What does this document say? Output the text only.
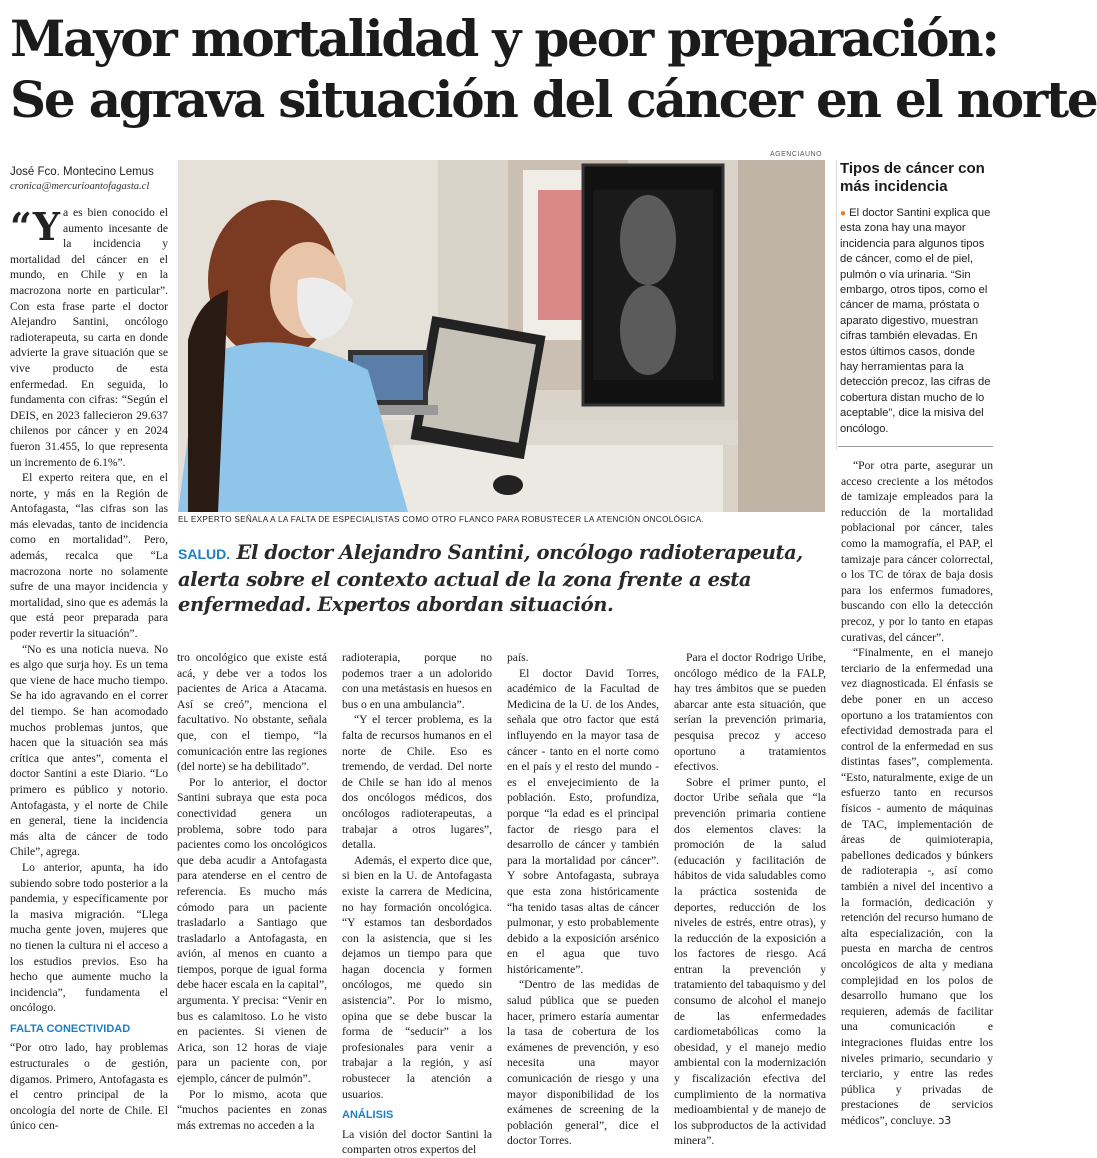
Mayor mortalidad y peor preparación:
Se agrava situación del cáncer en el norte
José Fco. Montecino Lemus
cronica@mercurioantofagasta.cl

“Ya es bien conocido el aumento incesante de la incidencia y mortalidad del cáncer en el mundo, en Chile y en la macrozona norte en particular”. Con esta frase parte el doctor Alejandro Santini, oncólogo radioterapeuta, su carta en donde advierte la grave situación que se vive producto de esta enfermedad. En seguida, lo fundamenta con cifras: “Según el DEIS, en 2023 fallecieron 29.637 chilenos por cáncer y en 2024 fueron 31.455, lo que representa un incremento de 6.1%”.

El experto reitera que, en el norte, y más en la Región de Antofagasta, “las cifras son las más elevadas, tanto de incidencia como en mortalidad”. Pero, además, recalca que “La macrozona norte no solamente sufre de una mayor incidencia y mortalidad, sino que es además la que está peor preparada para poder revertir la situación”.

“No es una noticia nueva. No es algo que surja hoy. Es un tema que viene de hace mucho tiempo. Se ha ido agravando en el correr del tiempo. Se han acomodado muchos problemas juntos, que hacen que la situación sea más crítica que antes”, comenta el doctor Santini a este Diario. “Lo primero es público y notorio. Antofagasta, y el norte de Chile en general, tiene la incidencia más alta de cáncer de todo Chile”, agrega.

Lo anterior, apunta, ha ido subiendo sobre todo posterior a la pandemia, y específicamente por la masiva migración. “Llega mucha gente joven, mujeres que no tienen la cultura ni el acceso a los estudios previos. Eso ha hecho que aumente mucho la incidencia”, fundamenta el oncólogo.

FALTA CONECTIVIDAD

“Por otro lado, hay problemas estructurales o de gestión, digamos. Primero, Antofagasta es el centro principal de la oncología del norte de Chile. El único cen-

AGENCIAUNO
EL EXPERTO SEÑALA A LA FALTA DE ESPECIALISTAS COMO OTRO FLANCO PARA ROBUSTECER LA ATENCIÓN ONCOLÓGICA.
SALUD. El doctor Alejandro Santini, oncólogo radioterapeuta, alerta sobre el contexto actual de la zona frente a esta enfermedad. Expertos abordan situación.

tro oncológico que existe está acá, y debe ver a todos los pacientes de Arica a Atacama. Así se creó”, menciona el facultativo. No obstante, señala que, con el tiempo, “la comunicación entre las regiones (del norte) se ha debilitado”.

Por lo anterior, el doctor Santini subraya que esta poca conectividad genera un problema, sobre todo para pacientes como los oncológicos que deba acudir a Antofagasta para atenderse en el centro de referencia. Es mucho más cómodo para un paciente trasladarlo a Santiago que trasladarlo a Antofagasta, en avión, al menos en cuanto a tiempos, porque de igual forma debe hacer escala en la capital”, argumenta. Y precisa: “Venir en bus es calamitoso. Lo he visto en pacientes. Si vienen de Arica, son 12 horas de viaje para un paciente con, por ejemplo, cáncer de pulmón”.

Por lo mismo, acota que “muchos pacientes en zonas más extremas no acceden a la

radioterapia, porque no podemos traer a un adolorido con una metástasis en huesos en bus o en una ambulancia”.

“Y el tercer problema, es la falta de recursos humanos en el norte de Chile. Eso es tremendo, de verdad. Del norte de Chile se han ido al menos dos oncólogos médicos, dos oncólogos radioterapeutas, a trabajar a otros lugares”, detalla.

Además, el experto dice que, si bien en la U. de Antofagasta existe la carrera de Medicina, no hay formación oncológica. “Y estamos tan desbordados con la asistencia, que si les dejamos un tiempo para que hagan docencia y formen oncólogos, me quedo sin asistencia”. Por lo mismo, opina que se debe buscar la forma de “seducir” a los profesionales para venir a trabajar a la región, y así robustecer la atención a usuarios.

ANÁLISIS

La visión del doctor Santini la comparten otros expertos del

país.

El doctor David Torres, académico de la Facultad de Medicina de la U. de los Andes, señala que otro factor que está influyendo en la mayor tasa de cáncer - tanto en el norte como en el país y el resto del mundo - es el envejecimiento de la población. Esto, profundiza, porque “la edad es el principal factor de riesgo para el desarrollo de cáncer y también para la mortalidad por cáncer”. Y sobre Antofagasta, subraya que esta zona históricamente “ha tenido tasas altas de cáncer pulmonar, y esto probablemente debido a la exposición arsénico en el agua que tuvo históricamente”.

“Dentro de las medidas de salud pública que se pueden hacer, primero estaría aumentar la tasa de cobertura de los exámenes de prevención, y eso necesita una mayor comunicación de riesgo y una mayor disponibilidad de los exámenes de screening de la población general”, dice el doctor Torres.

Para el doctor Rodrigo Uribe, oncólogo médico de la FALP, hay tres ámbitos que se pueden abarcar ante esta situación, que serían la prevención primaria, pesquisa precoz y acceso oportuno a tratamientos efectivos.

Sobre el primer punto, el doctor Uribe señala que “la prevención primaria contiene dos elementos claves: la promoción de la salud (educación y facilitación de hábitos de vida saludables como la práctica sostenida de deportes, reducción de los niveles de estrés, entre otras), y la reducción de la exposición a los factores de riesgo. Acá entran la prevención y tratamiento del tabaquismo y del consumo de alcohol el manejo de las enfermedades cardiometabólicas como la obesidad, y el manejo medio ambiental con la modernización y fiscalización efectiva del cumplimiento de la normativa medioambiental y de manejo de los subproductos de la actividad minera”.

Tipos de cáncer con más incidencia
● El doctor Santini explica que esta zona hay una mayor incidencia para algunos tipos de cáncer, como el de piel, pulmón o vía urinaria. “Sin embargo, otros tipos, como el cáncer de mama, próstata o aparato digestivo, muestran cifras también elevadas. En estos últimos casos, donde hay herramientas para la detección precoz, las cifras de cobertura distan mucho de lo aceptable”, dice la misiva del oncólogo.

“Por otra parte, asegurar un acceso creciente a los métodos de tamizaje empleados para la reducción de la mortalidad poblacional por cáncer, tales como la mamografía, el PAP, el tamizaje para cáncer colorrectal, o los TC de tórax de baja dosis para los enfermos fumadores, buscando con ello la detección precoz, y por lo tanto en etapas curativas, del cáncer”.

“Finalmente, en el manejo terciario de la enfermedad una vez diagnosticada. El énfasis se debe poner en un acceso oportuno a los tratamientos con efectividad demostrada para el control de la enfermedad en sus distintas fases”, complementa. “Esto, naturalmente, exige de un esfuerzo tanto en recursos físicos - aumento de máquinas de TAC, implementación de áreas de quimioterapia, pabellones dedicados y búnkers de radioterapia -, así como también a nivel del incentivo a la formación, dedicación y retención del recurso humano de alta especialización, con la puesta en marcha de centros oncológicos de alta y mediana complejidad en los polos de desarrollo humano que los requieren, además de facilitar una comunicación e integraciones fluidas entre los niveles primario, secundario y terciario, y entre las redes pública y privadas de prestaciones de servicios médicos”, concluye. ↄ3
